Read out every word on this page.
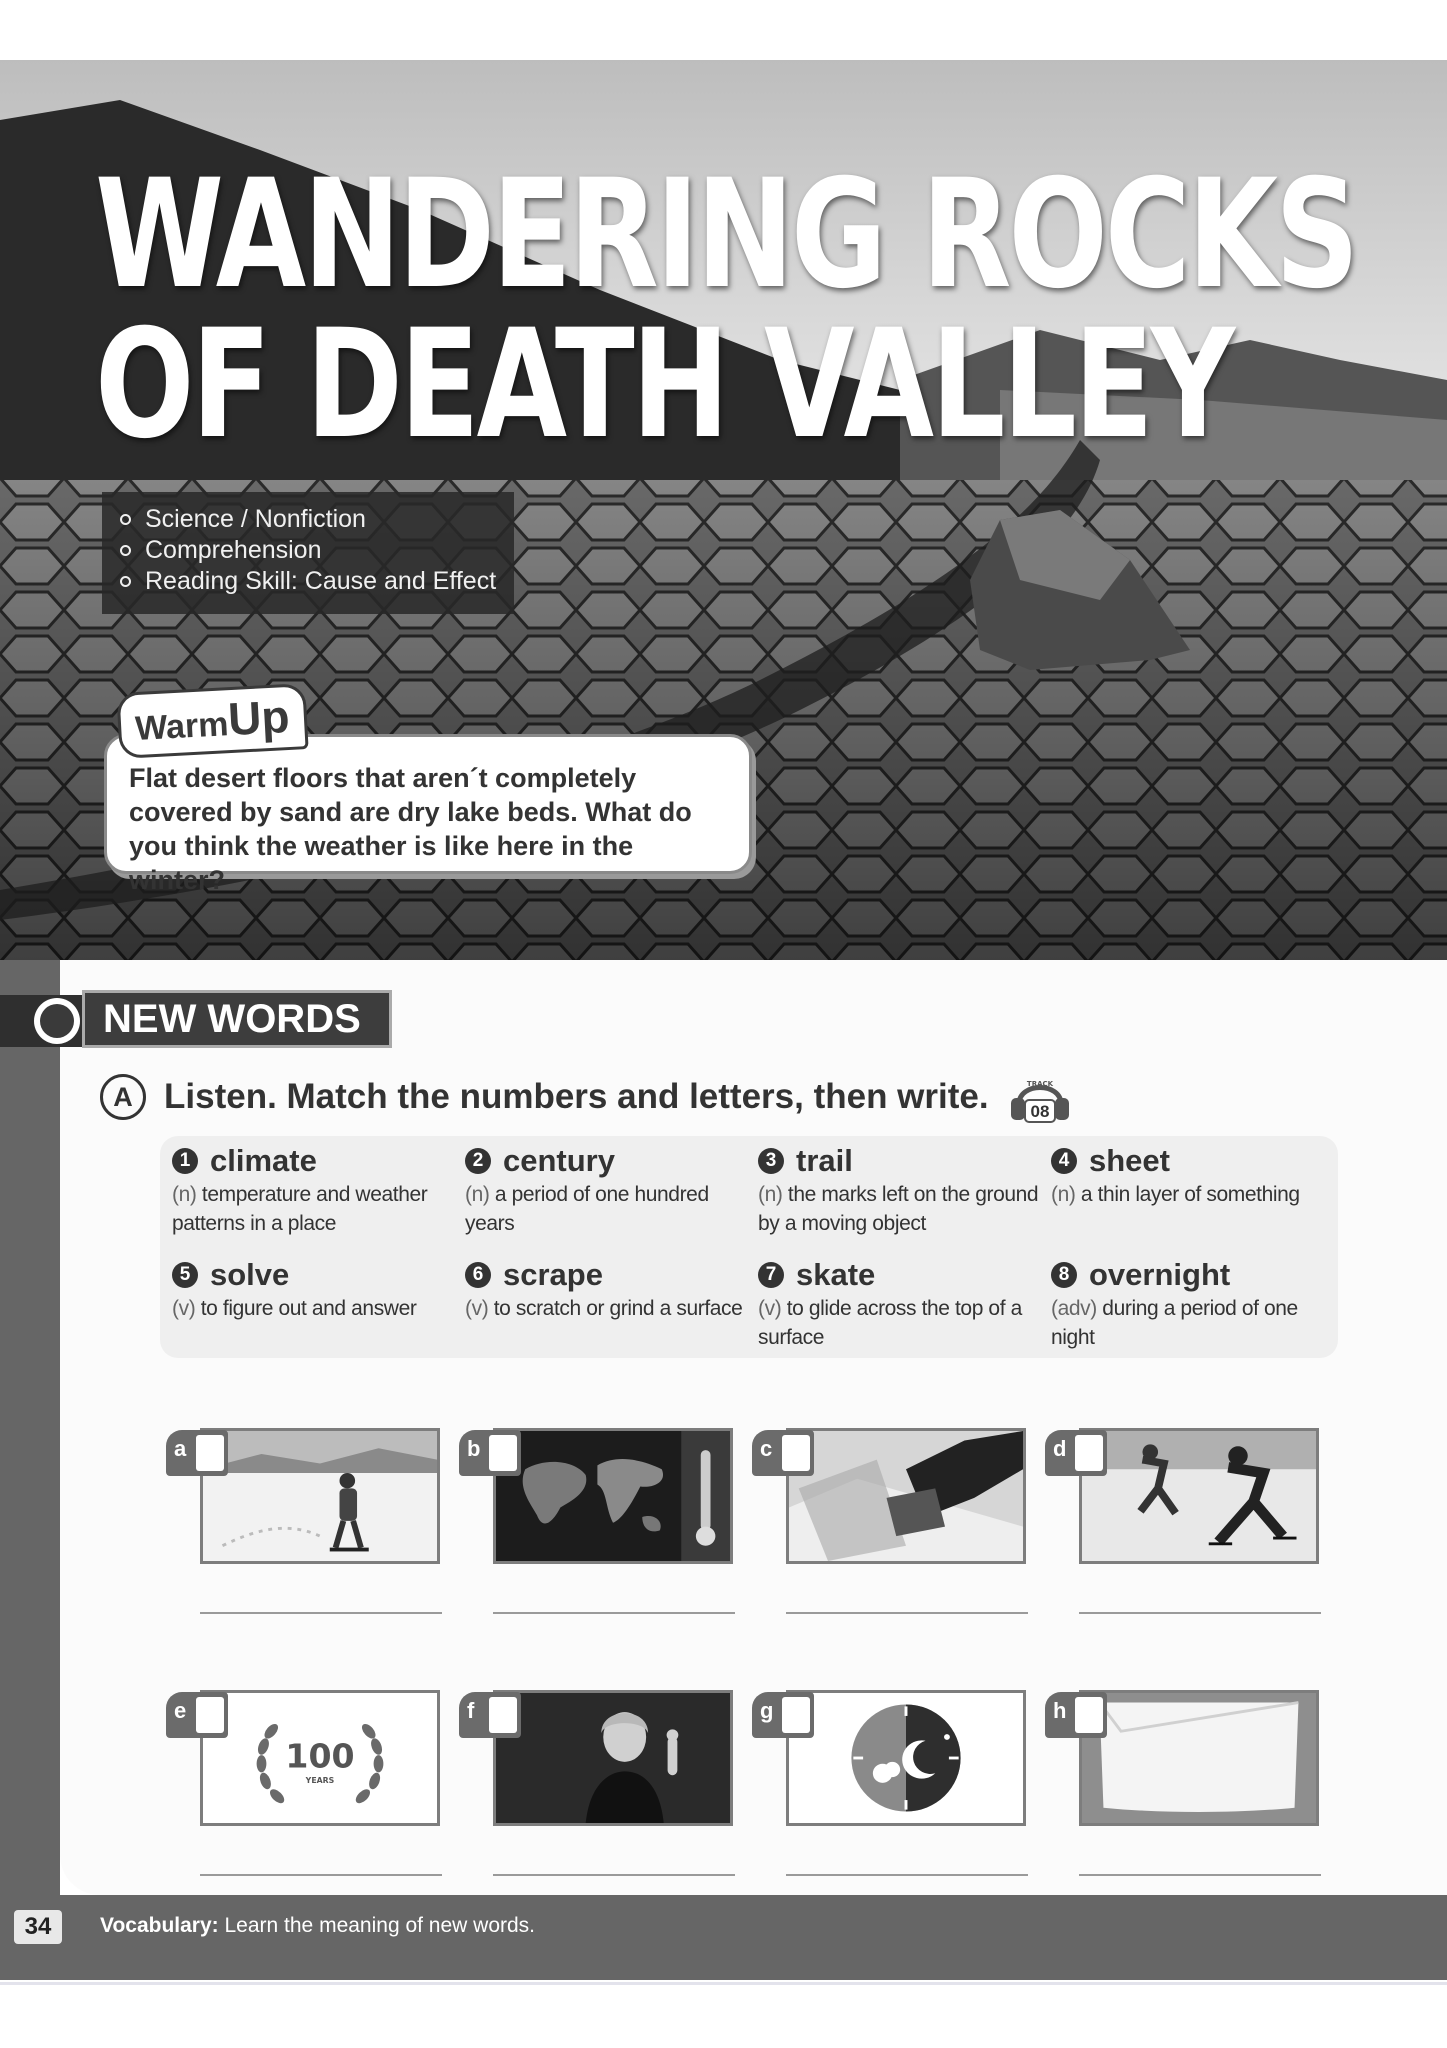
WANDERING ROCKS
OF DEATH VALLEY
Science / Nonfiction
Comprehension
Reading Skill: Cause and Effect
WarmUp
Flat desert floors that aren´t completely covered by sand are dry lake beds. What do you think the weather is like here in the winter?
NEW WORDS
A Listen. Match the numbers and letters, then write.	TRACK
08
1 climate
(n) temperature and weather patterns in a place
2 century
(n) a period of one hundred years
3 trail
(n) the marks left on the ground by a moving object
4 sheet
(n) a thin layer of something
5 solve
(v) to figure out and answer
6 scrape
(v) to scratch or grind a surface
7 skate
(v) to glide across the top of a surface
8 overnight
(adv) during a period of one night
a	b	c	d
100
YEARS
e	f	g	h
34	Vocabulary: Learn the meaning of new words.
